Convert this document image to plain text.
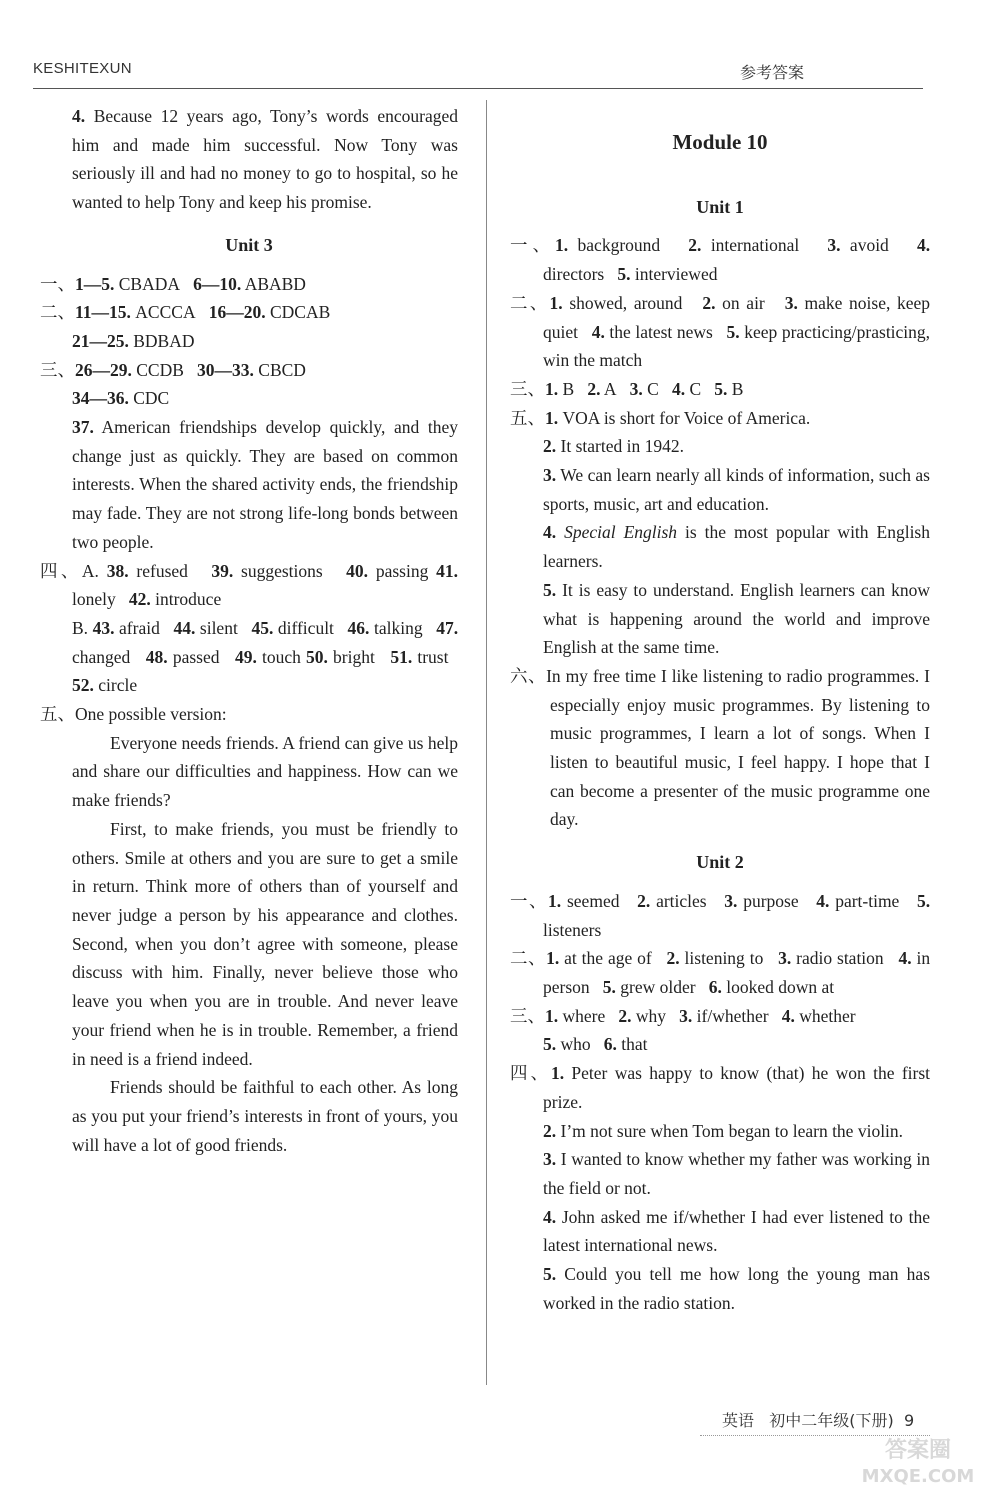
KESHITEXUN	参考答案

4. Because 12 years ago, Tony’s words encouraged him and made him successful. Now Tony was seriously ill and had no money to go to hospital, so he wanted to help Tony and keep his promise.

Unit 3

一、1—5. CBADA 6—10. ABABD

二、11—15. ACCCA 16—20. CDCAB
21—25. BDBAD

三、26—29. CCDB 30—33. CBCD
34—36. CDC

37. American friendships develop quickly, and they change just as quickly. They are based on common interests. When the shared activity ends, the friendship may fade. They are not strong life-long bonds between two people.

四、A. 38. refused 39. suggestions 40. passing 41. lonely 42. introduce
B. 43. afraid 44. silent 45. difficult 46. talking 47. changed 48. passed 49. touch 50. bright 51. trust   52. circle

五、One possible version:

Everyone needs friends. A friend can give us help and share our difficulties and happiness. How can we make friends?

First, to make friends, you must be friendly to others. Smile at others and you are sure to get a smile in return. Think more of others than of yourself and never judge a person by his appearance and clothes. Second, when you don’t agree with someone, please discuss with him. Finally, never believe those who leave you when you are in trouble. And never leave your friend when he is in trouble. Remember, a friend in need is a friend indeed.

Friends should be faithful to each other. As long as you put your friend’s interests in front of yours, you will have a lot of good friends.

Module 10
Unit 1

一、1. background 2. international 3. avoid 4. directors 5. interviewed

二、1. showed, around 2. on air 3. make noise, keep quiet 4. the latest news 5. keep practicing/prasticing, win the match

三、1. B 2. A 3. C 4. C 5. B

五、1. VOA is short for Voice of America.

2. It started in 1942.

3. We can learn nearly all kinds of information, such as sports, music, art and education.

4. Special English is the most popular with English learners.

5. It is easy to understand. English learners can know what is happening around the world and improve English at the same time.

六、In my free time I like listening to radio programmes. I especially enjoy music programmes. By listening to music programmes, I learn a lot of songs. When I listen to beautiful music, I feel happy. I hope that I can become a presenter of the music programme one day.

Unit 2

一、1. seemed 2. articles 3. purpose 4. part-time 5. listeners

二、1. at the age of 2. listening to 3. radio station 4. in person 5. grew older 6. looked down at

三、1. where 2. why 3. if/whether 4. whether
5. who 6. that

四、1. Peter was happy to know (that) he won the first prize.

2. I’m not sure when Tom began to learn the violin.

3. I wanted to know whether my father was working in the field or not.

4. John asked me if/whether I had ever listened to the latest international news.

5. Could you tell me how long the young man has worked in the radio station.

英语 初中二年级(下册) 9
答案圈
MXQE.COM
